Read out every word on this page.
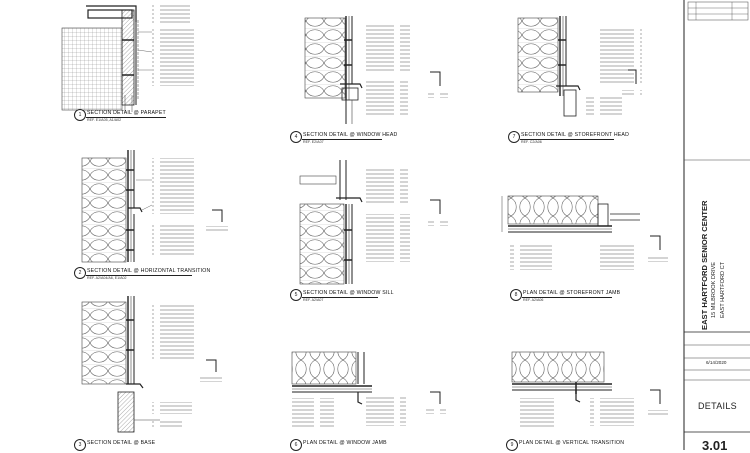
1	SECTION DETAIL @ PARAPET
REF. E1/A05, A1/A02
2	SECTION DETAIL @ HORIZONTAL TRANSITION
REF. A2/A04/A6, E1/A02
3	SECTION DETAIL @ BASE
4	SECTION DETAIL @ WINDOW HEAD
REF. E2/A07
5	SECTION DETAIL @ WINDOW SILL
REF. A2/A07
6	PLAN DETAIL @ WINDOW JAMB
7	SECTION DETAIL @ STOREFRONT HEAD
REF. C2/A06
8	PLAN DETAIL @ STOREFRONT JAMB
REF. A2/A06
9	PLAN DETAIL @ VERTICAL TRANSITION
EAST HARTFORD SENIOR CENTER 15 MILBROOK DRIVE EAST HARTFORD CT
6/14/2020
DETAILS
3.01
